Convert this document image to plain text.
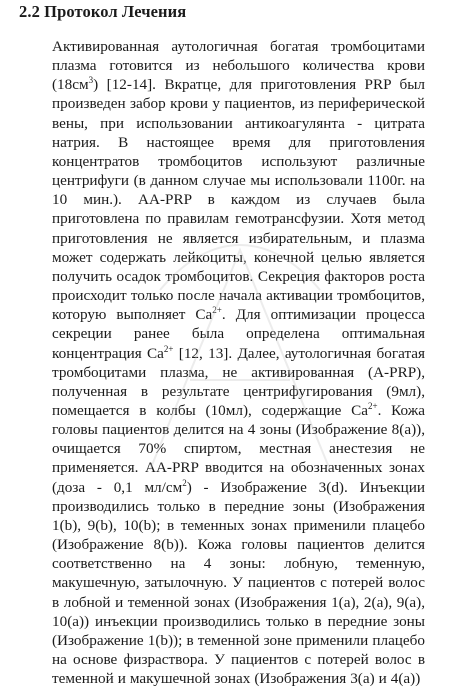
2.2 Протокол Лечения
Активированная аутологичная богатая тромбоцитами плазма готовится из небольшого количества крови $(18см^3)$ [12-14]. Вкратце, для приготовления PRP был произведен забор крови у пациентов, из периферической вены, при использовании антикоагулянта - цитрата натрия. В настоящее время для приготовления концентратов тромбоцитов используют различные центрифуги (в данном случае мы использовали 1100г. на 10 мин.). AA-PRP в каждом из случаев была приготовлена по правилам гемотрансфузии. Хотя метод приготовления не является избирательным, и плазма может содержать лейкоциты, конечной целью является получить осадок тромбоцитов. Секреция факторов роста происходит только после начала активации тромбоцитов, которую выполняет $Ca^{2+}$. Для оптимизации процесса секреции ранее была определена оптимальная концентрация $Ca^{2+}$ [12, 13]. Далее, аутологичная богатая тромбоцитами плазма, не активированная (A-PRP), полученная в результате центрифугирования (9мл), помещается в колбы (10мл), содержащие $Ca^{2+}$. Кожа головы пациентов делится на 4 зоны (Изображение 8(а)), очищается 70% спиртом, местная анестезия не применяется. AA-PRP вводится на обозначенных зонах (доза - 0,1 $мл/см^2$) - Изображение 3(d). Инъекции производились только в передние зоны (Изображения 1(b), 9(b), 10(b); в теменных зонах применили плацебо (Изображение 8(b)). Кожа головы пациентов делится соответственно на 4 зоны: лобную, теменную, макушечную, затылочную. У пациентов с потерей волос в лобной и теменной зонах (Изображения 1(а), 2(а), 9(а), 10(а)) инъекции производились только в передние зоны (Изображение 1(b)); в теменной зоне применили плацебо на основе физраствора. У пациентов с потерей волос в теменной и макушечной зонах (Изображения 3(а) и 4(а))
